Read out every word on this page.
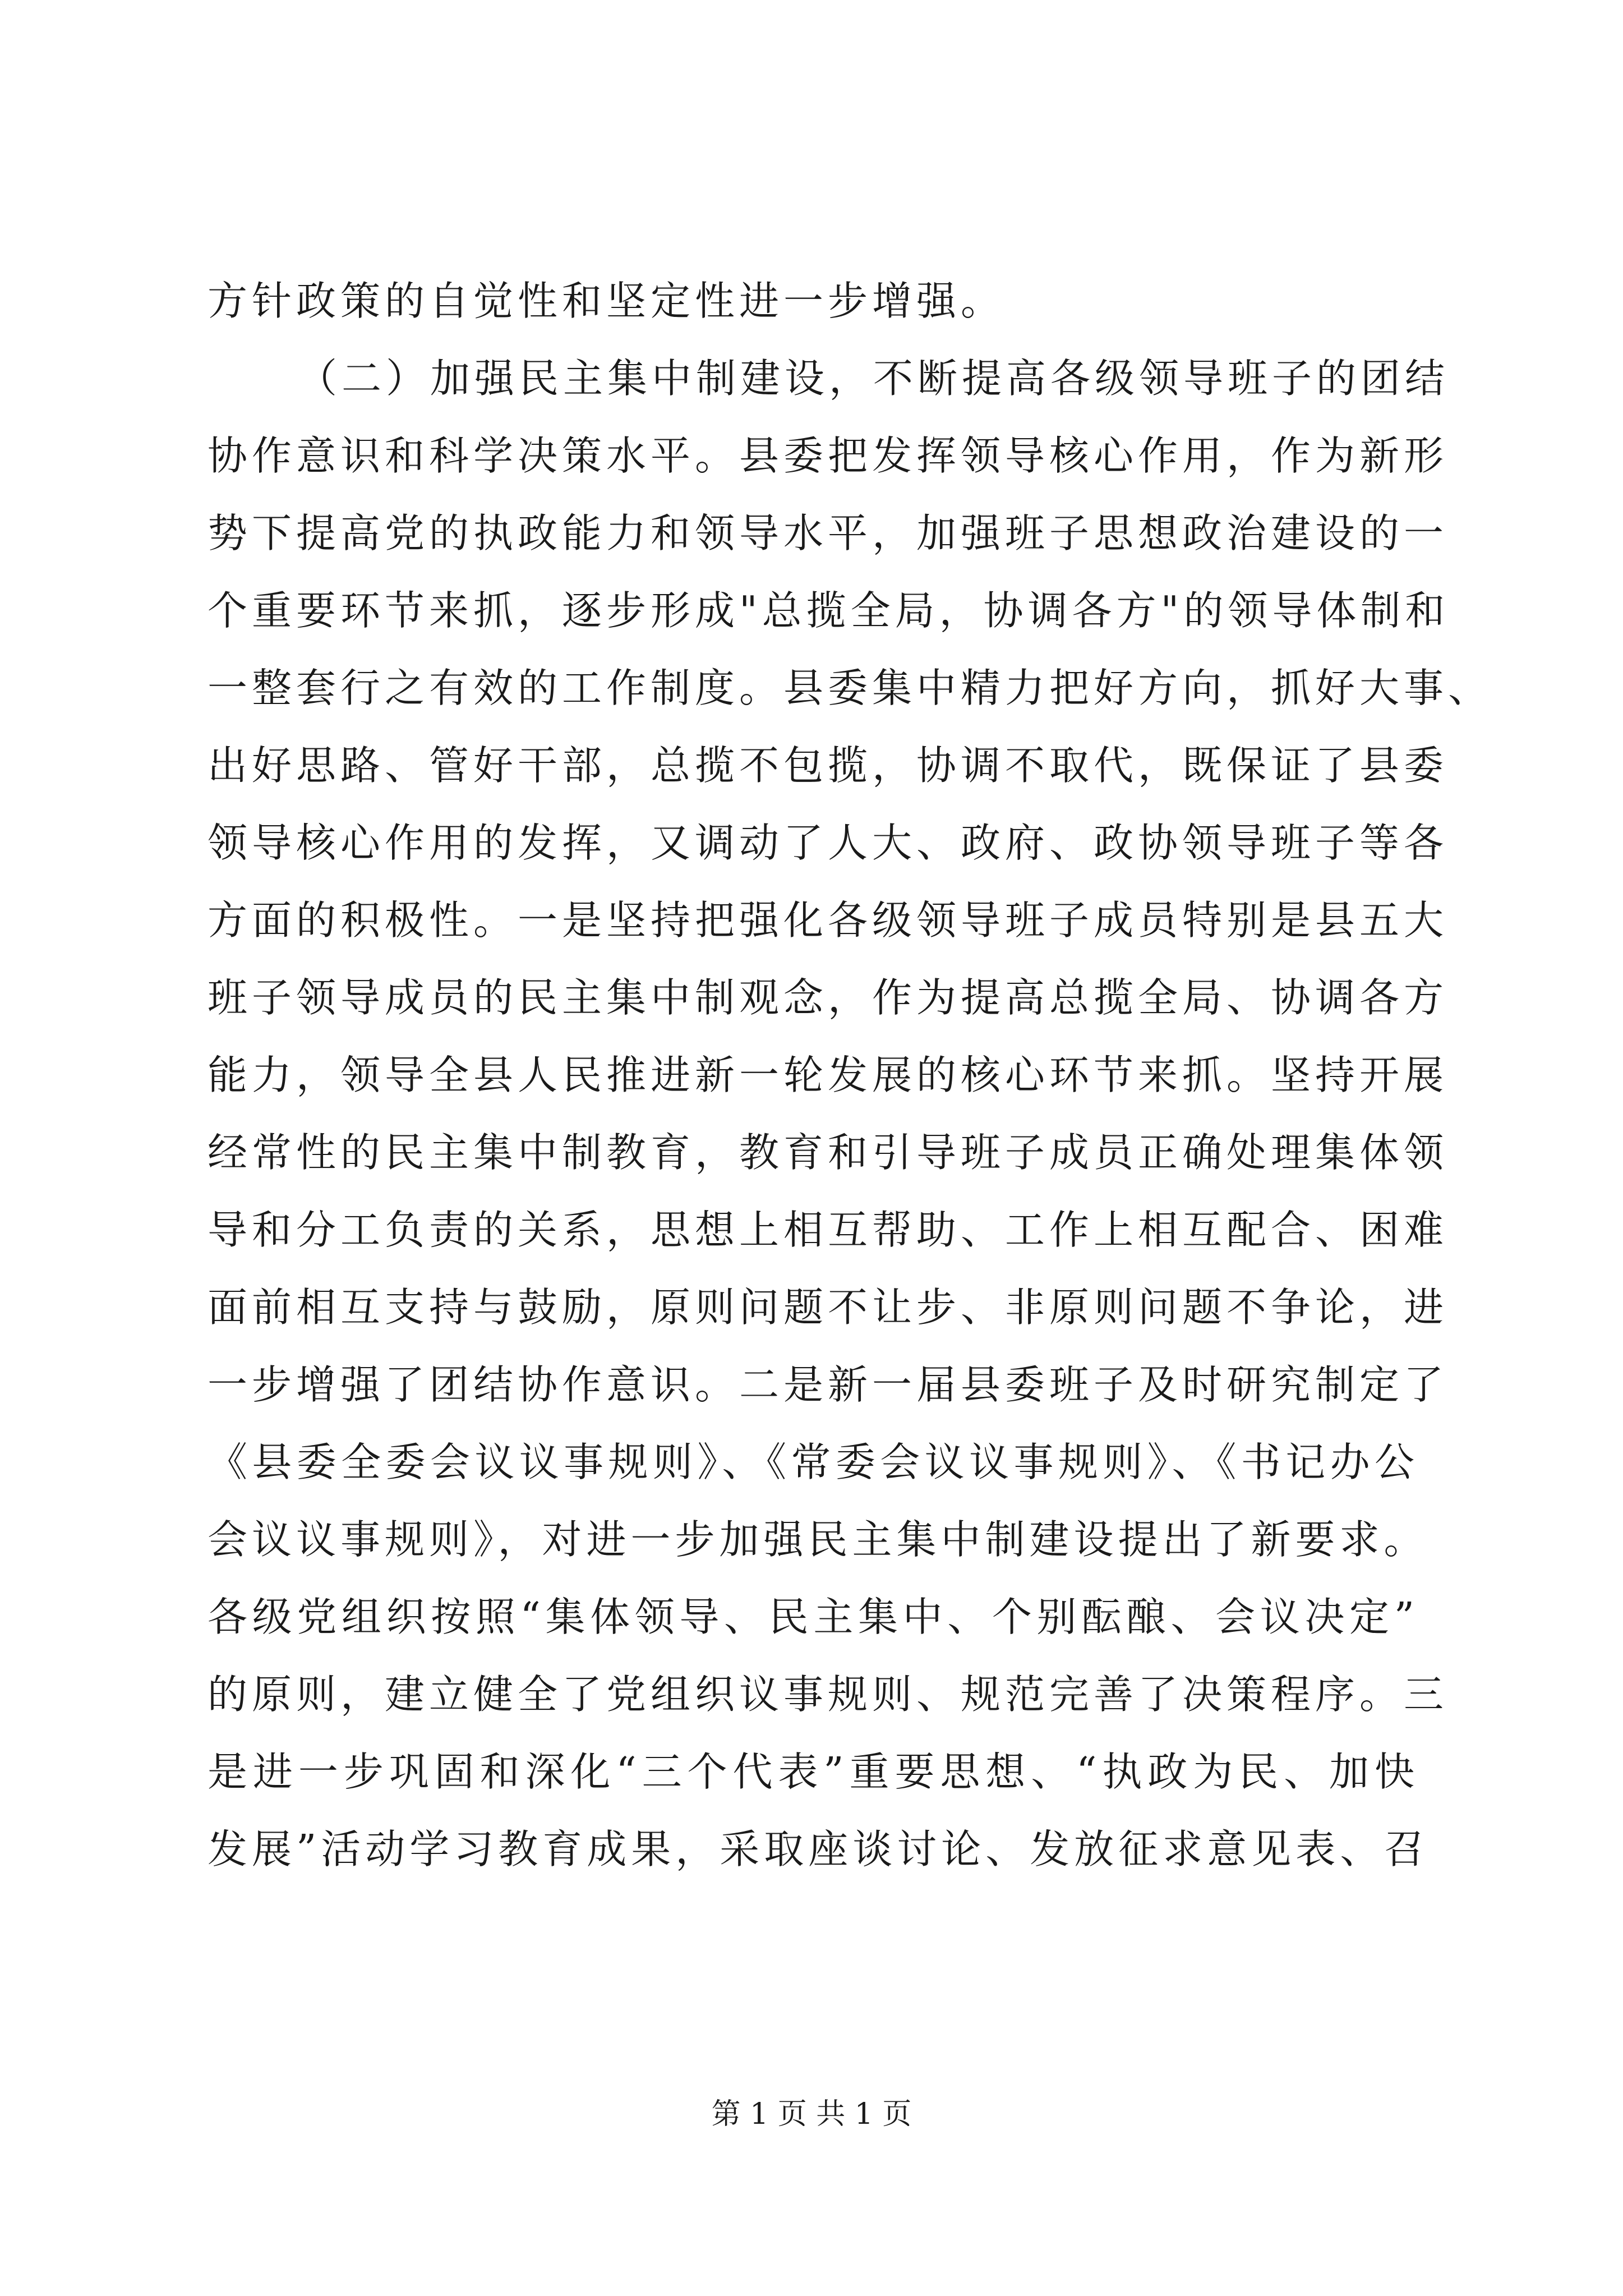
方针政策的自觉性和坚定性进一步增强。
（二）加强民主集中制建设，不断提高各级领导班子的团结
协作意识和科学决策水平。县委把发挥领导核心作用，作为新形
势下提高党的执政能力和领导水平，加强班子思想政治建设的一
个重要环节来抓，逐步形成"总揽全局，协调各方"的领导体制和
一整套行之有效的工作制度。县委集中精力把好方向，抓好大事、
出好思路、管好干部，总揽不包揽，协调不取代，既保证了县委
领导核心作用的发挥，又调动了人大、政府、政协领导班子等各
方面的积极性。一是坚持把强化各级领导班子成员特别是县五大
班子领导成员的民主集中制观念，作为提高总揽全局、协调各方
能力，领导全县人民推进新一轮发展的核心环节来抓。坚持开展
经常性的民主集中制教育，教育和引导班子成员正确处理集体领
导和分工负责的关系，思想上相互帮助、工作上相互配合、困难
面前相互支持与鼓励，原则问题不让步、非原则问题不争论，进
一步增强了团结协作意识。二是新一届县委班子及时研究制定了
《县委全委会议议事规则》、《常委会议议事规则》、《书记办公
会议议事规则》，对进一步加强民主集中制建设提出了新要求。
各级党组织按照“集体领导、民主集中、个别酝酿、会议决定”
的原则，建立健全了党组织议事规则、规范完善了决策程序。三
是进一步巩固和深化“三个代表”重要思想、“执政为民、加快
发展”活动学习教育成果，采取座谈讨论、发放征求意见表、召
第 1 页 共 1 页
